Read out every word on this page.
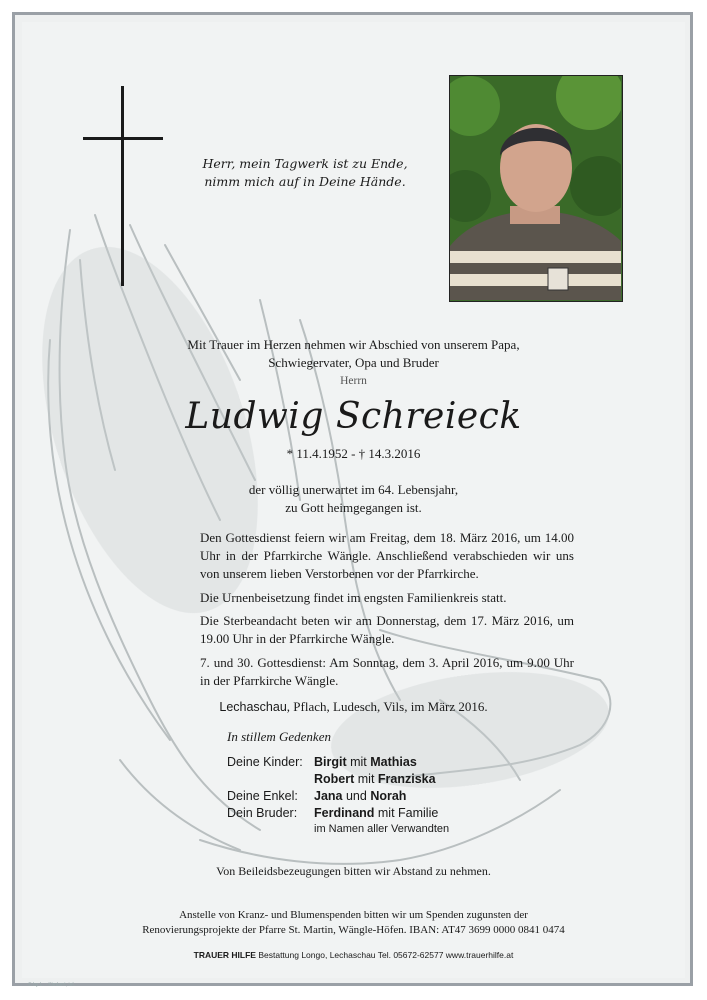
Herr, mein Tagwerk ist zu Ende,
nimm mich auf in Deine Hände.
Mit Trauer im Herzen nehmen wir Abschied von unserem Papa,
Schwiegervater, Opa und Bruder
Herrn
Ludwig Schreieck
* 11.4.1952 - † 14.3.2016
der völlig unerwartet im 64. Lebensjahr,
zu Gott heimgegangen ist.
Den Gottesdienst feiern wir am Freitag, dem 18. März 2016, um 14.00 Uhr in der Pfarrkirche Wängle. Anschließend verabschieden wir uns von unserem lieben Verstorbenen vor der Pfarrkirche.
Die Urnenbeisetzung findet im engsten Familienkreis statt.
Die Sterbeandacht beten wir am Donnerstag, dem 17. März 2016, um 19.00 Uhr in der Pfarrkirche Wängle.
7. und 30. Gottesdienst: Am Sonntag, dem 3. April 2016, um 9.00 Uhr in der Pfarrkirche Wängle.
Lechaschau, Pflach, Ludesch, Vils, im März 2016.
In stillem Gedenken
Deine Kinder: Birgit mit Mathias
Robert mit Franziska
Deine Enkel: Jana und Norah
Dein Bruder: Ferdinand mit Familie
im Namen aller Verwandten
Von Beileidsbezeugungen bitten wir Abstand zu nehmen.
Anstelle von Kranz- und Blumenspenden bitten wir um Spenden zugunsten der
Renovierungsprojekte der Pfarre St. Martin, Wängle-Höfen. IBAN: AT47 3699 0000 0841 0474
TRAUER HILFE Bestattung Longo, Lechaschau Tel. 05672-62577 www.trauerhilfe.at
© by L. · Kimbert, tel.
